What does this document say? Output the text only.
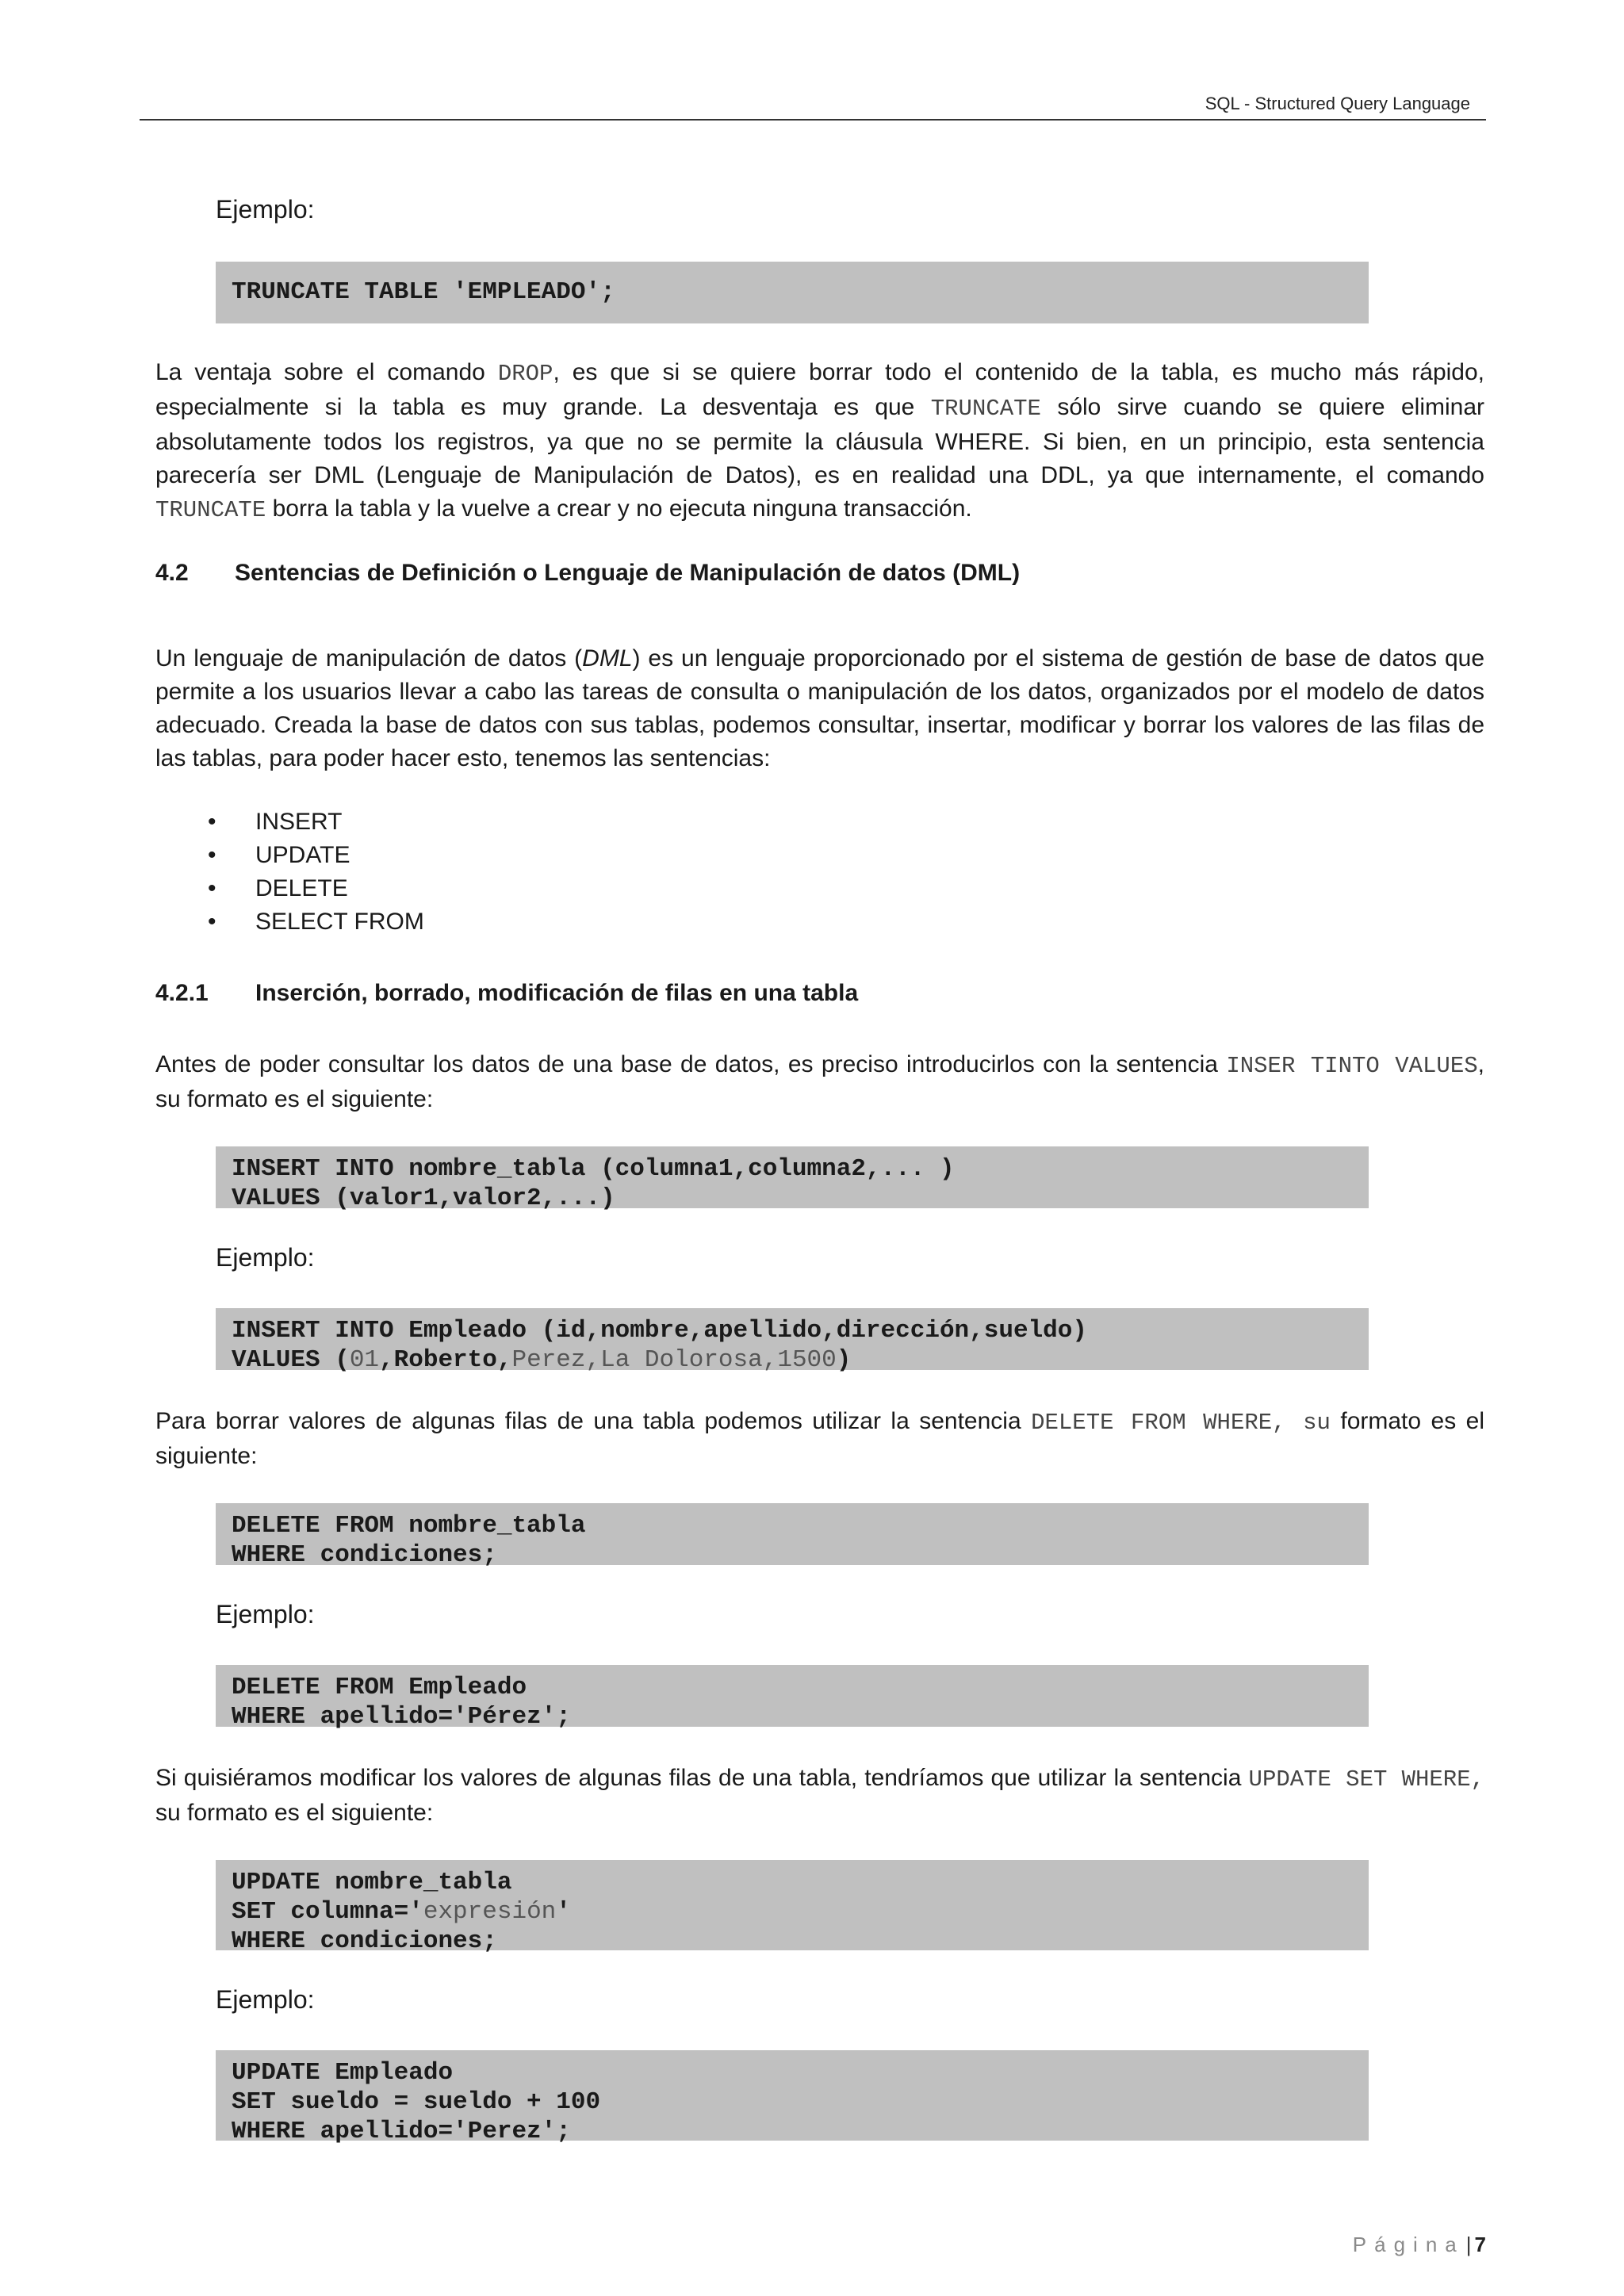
SQL - Structured Query Language
Ejemplo:
TRUNCATE TABLE 'EMPLEADO';
La ventaja sobre el comando DROP, es que si se quiere borrar todo el contenido de la tabla, es mucho más rápido, especialmente si la tabla es muy grande. La desventaja es que TRUNCATE sólo sirve cuando se quiere eliminar absolutamente todos los registros, ya que no se permite la cláusula WHERE. Si bien, en un principio, esta sentencia parecería ser DML (Lenguaje de Manipulación de Datos), es en realidad una DDL, ya que internamente, el comando TRUNCATE borra la tabla y la vuelve a crear y no ejecuta ninguna transacción.
4.2 Sentencias de Definición o Lenguaje de Manipulación de datos (DML)
Un lenguaje de manipulación de datos (DML) es un lenguaje proporcionado por el sistema de gestión de base de datos que permite a los usuarios llevar a cabo las tareas de consulta o manipulación de los datos, organizados por el modelo de datos adecuado. Creada la base de datos con sus tablas, podemos consultar, insertar, modificar y borrar los valores de las filas de las tablas, para poder hacer esto, tenemos las sentencias:
• INSERT
• UPDATE
• DELETE
• SELECT FROM
4.2.1 Inserción, borrado, modificación de filas en una tabla
Antes de poder consultar los datos de una base de datos, es preciso introducirlos con la sentencia INSER TINTO VALUES, su formato es el siguiente:
INSERT INTO nombre_tabla (columna1,columna2,... )
VALUES (valor1,valor2,...)
Ejemplo:
INSERT INTO Empleado (id,nombre,apellido,dirección,sueldo)
VALUES (01,Roberto,Perez,La Dolorosa,1500)
Para borrar valores de algunas filas de una tabla podemos utilizar la sentencia DELETE FROM WHERE, su formato es el siguiente:
DELETE FROM nombre_tabla
WHERE condiciones;
Ejemplo:
DELETE FROM Empleado
WHERE apellido='Pérez';
Si quisiéramos modificar los valores de algunas filas de una tabla, tendríamos que utilizar la sentencia UPDATE SET WHERE, su formato es el siguiente:
UPDATE nombre_tabla
SET columna='expresión'
WHERE condiciones;
Ejemplo:
UPDATE Empleado
SET sueldo = sueldo + 100
WHERE apellido='Perez';
Página| 7
